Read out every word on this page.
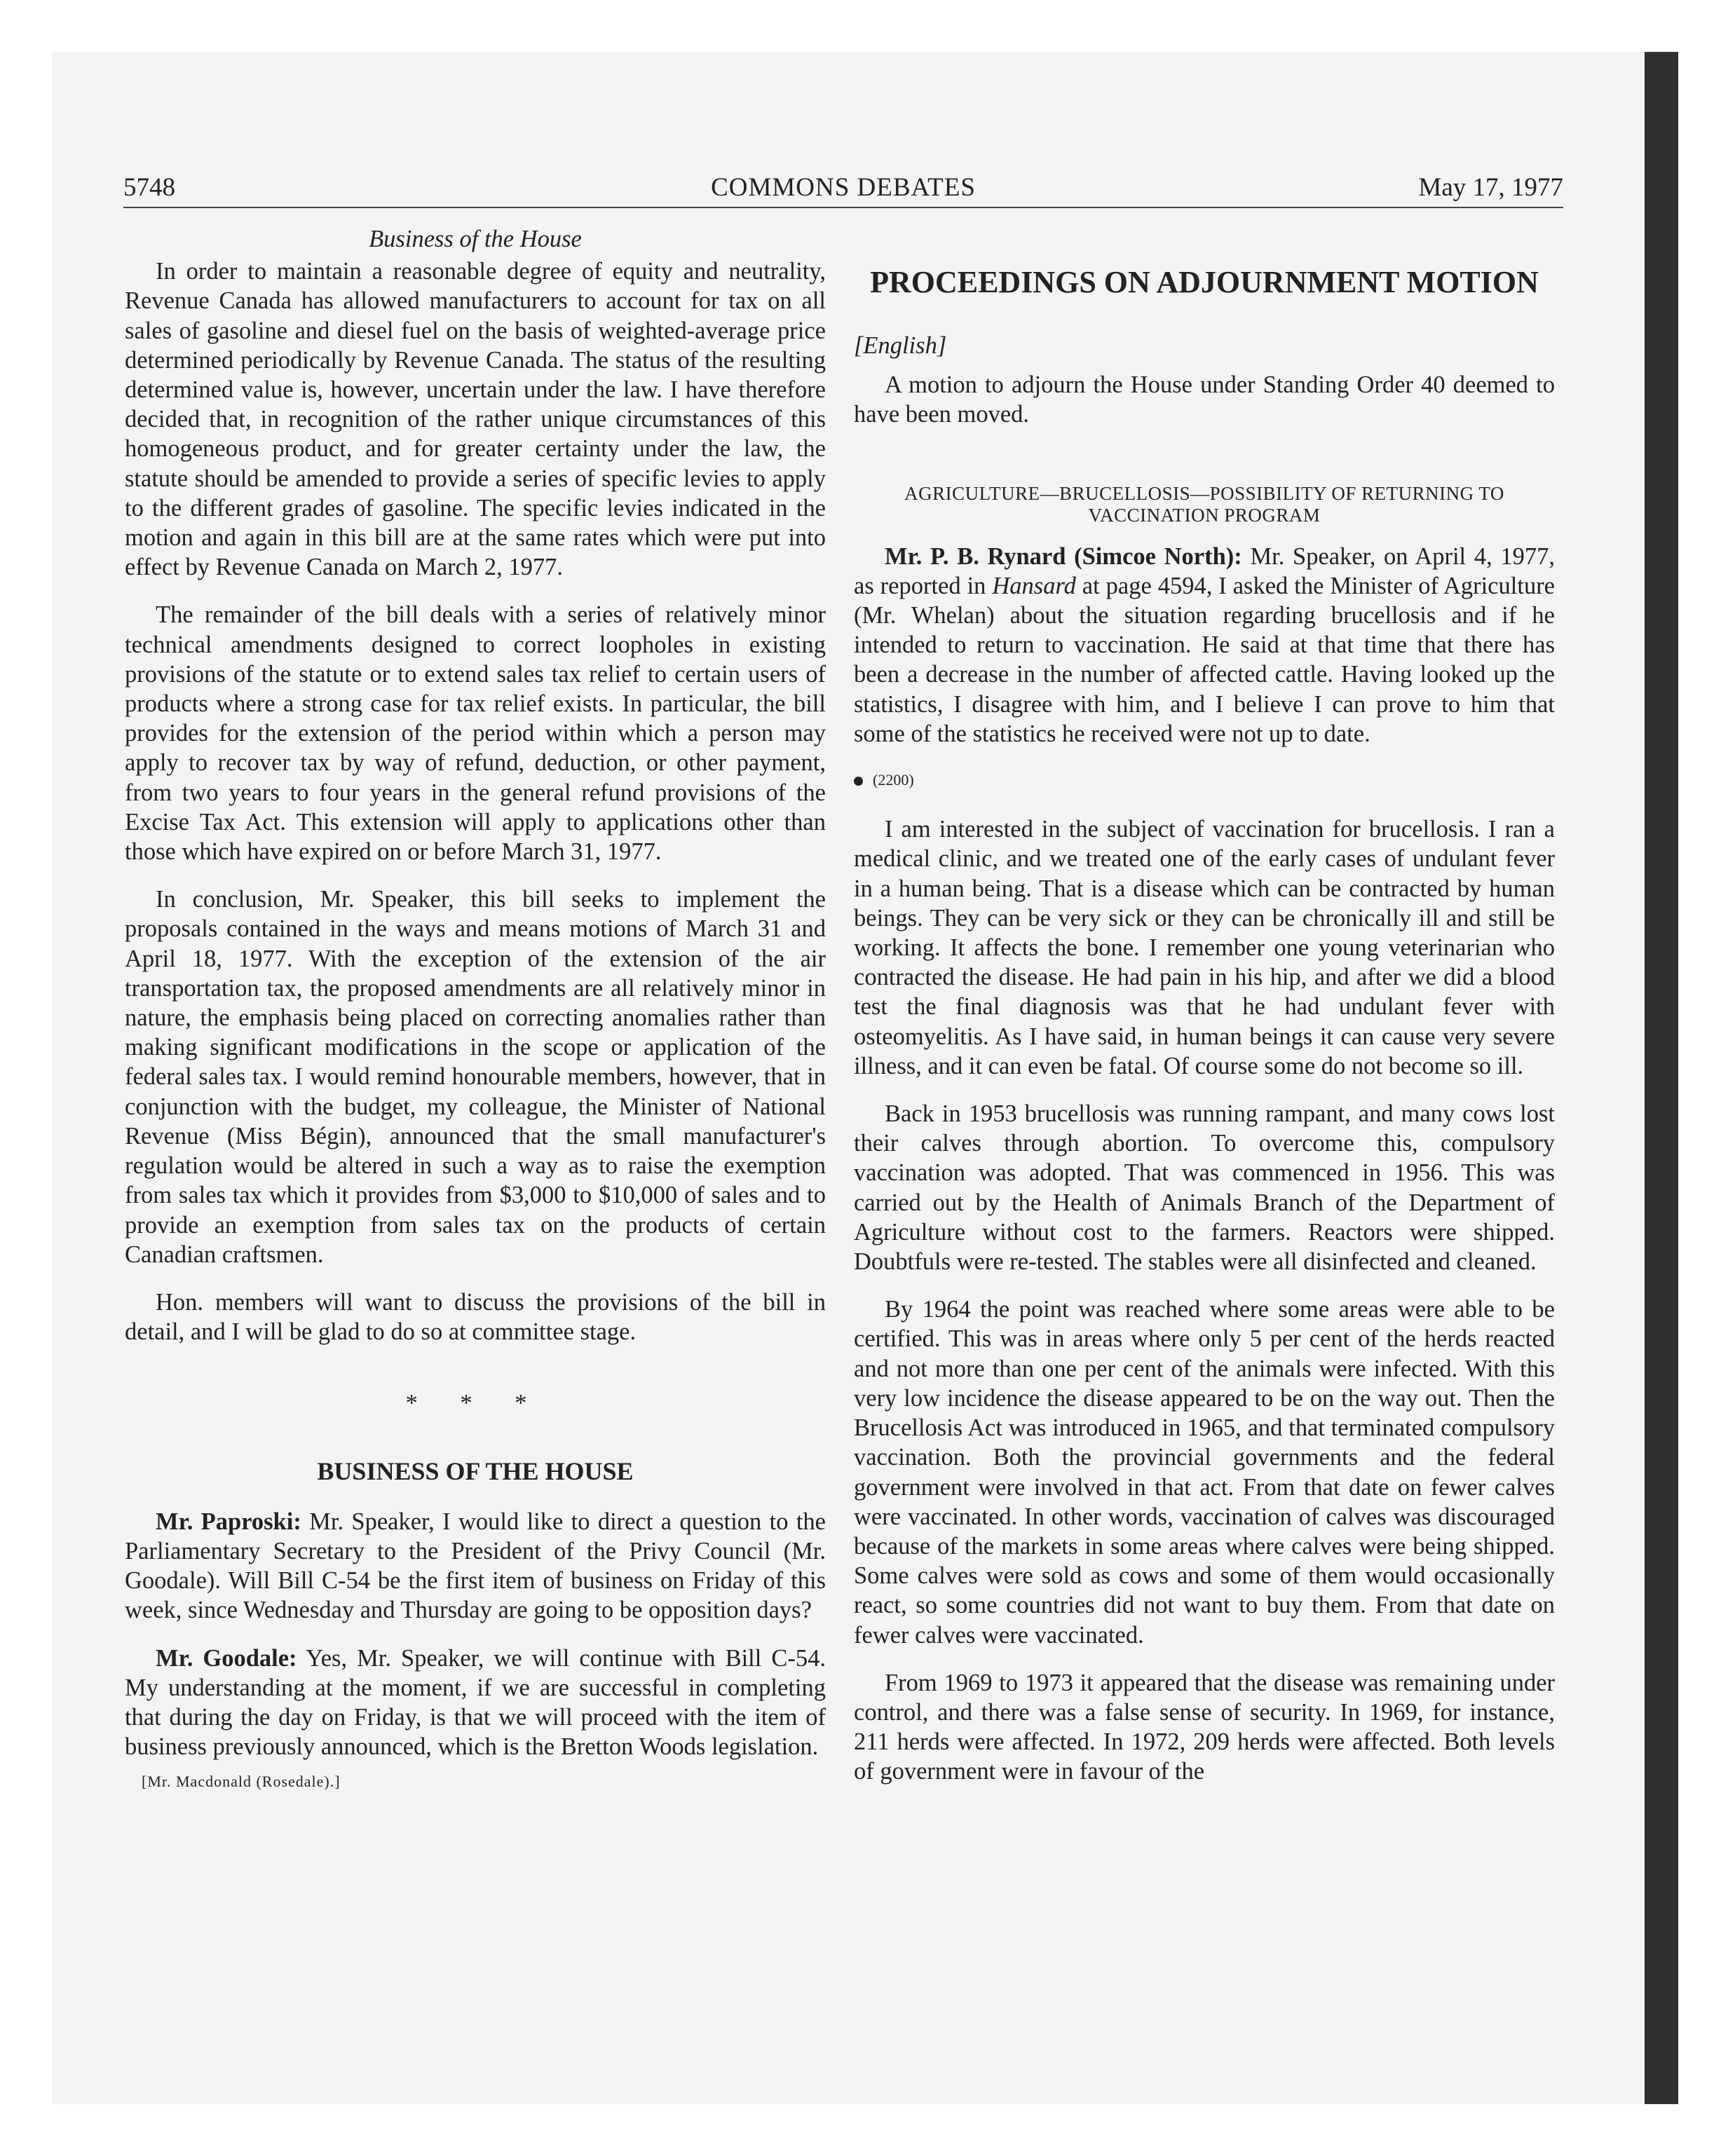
5748	COMMONS DEBATES	May 17, 1977

Business of the House

In order to maintain a reasonable degree of equity and neutrality, Revenue Canada has allowed manufacturers to account for tax on all sales of gasoline and diesel fuel on the basis of weighted-average price determined periodically by Revenue Canada. The status of the resulting determined value is, however, uncertain under the law. I have therefore decided that, in recognition of the rather unique circumstances of this homogeneous product, and for greater certainty under the law, the statute should be amended to provide a series of specific levies to apply to the different grades of gasoline. The specific levies indicated in the motion and again in this bill are at the same rates which were put into effect by Revenue Canada on March 2, 1977.

The remainder of the bill deals with a series of relatively minor technical amendments designed to correct loopholes in existing provisions of the statute or to extend sales tax relief to certain users of products where a strong case for tax relief exists. In particular, the bill provides for the extension of the period within which a person may apply to recover tax by way of refund, deduction, or other payment, from two years to four years in the general refund provisions of the Excise Tax Act. This extension will apply to applications other than those which have expired on or before March 31, 1977.

In conclusion, Mr. Speaker, this bill seeks to implement the proposals contained in the ways and means motions of March 31 and April 18, 1977. With the exception of the extension of the air transportation tax, the proposed amendments are all relatively minor in nature, the emphasis being placed on correcting anomalies rather than making significant modifications in the scope or application of the federal sales tax. I would remind honourable members, however, that in conjunction with the budget, my colleague, the Minister of National Revenue (Miss Bégin), announced that the small manufacturer's regulation would be altered in such a way as to raise the exemption from sales tax which it provides from $3,000 to $10,000 of sales and to provide an exemption from sales tax on the products of certain Canadian craftsmen.

Hon. members will want to discuss the provisions of the bill in detail, and I will be glad to do so at committee stage.

* * *
BUSINESS OF THE HOUSE

Mr. Paproski: Mr. Speaker, I would like to direct a question to the Parliamentary Secretary to the President of the Privy Council (Mr. Goodale). Will Bill C-54 be the first item of business on Friday of this week, since Wednesday and Thursday are going to be opposition days?

Mr. Goodale: Yes, Mr. Speaker, we will continue with Bill C-54. My understanding at the moment, if we are successful in completing that during the day on Friday, is that we will proceed with the item of business previously announced, which is the Bretton Woods legislation.

[Mr. Macdonald (Rosedale).]
PROCEEDINGS ON ADJOURNMENT MOTION

[English]

A motion to adjourn the House under Standing Order 40 deemed to have been moved.

AGRICULTURE—BRUCELLOSIS—POSSIBILITY OF RETURNING TO VACCINATION PROGRAM

Mr. P. B. Rynard (Simcoe North): Mr. Speaker, on April 4, 1977, as reported in Hansard at page 4594, I asked the Minister of Agriculture (Mr. Whelan) about the situation regarding brucellosis and if he intended to return to vaccination. He said at that time that there has been a decrease in the number of affected cattle. Having looked up the statistics, I disagree with him, and I believe I can prove to him that some of the statistics he received were not up to date.

(2200)

I am interested in the subject of vaccination for brucellosis. I ran a medical clinic, and we treated one of the early cases of undulant fever in a human being. That is a disease which can be contracted by human beings. They can be very sick or they can be chronically ill and still be working. It affects the bone. I remember one young veterinarian who contracted the disease. He had pain in his hip, and after we did a blood test the final diagnosis was that he had undulant fever with osteomyelitis. As I have said, in human beings it can cause very severe illness, and it can even be fatal. Of course some do not become so ill.

Back in 1953 brucellosis was running rampant, and many cows lost their calves through abortion. To overcome this, compulsory vaccination was adopted. That was commenced in 1956. This was carried out by the Health of Animals Branch of the Department of Agriculture without cost to the farmers. Reactors were shipped. Doubtfuls were re-tested. The stables were all disinfected and cleaned.

By 1964 the point was reached where some areas were able to be certified. This was in areas where only 5 per cent of the herds reacted and not more than one per cent of the animals were infected. With this very low incidence the disease appeared to be on the way out. Then the Brucellosis Act was introduced in 1965, and that terminated compulsory vaccination. Both the provincial governments and the federal government were involved in that act. From that date on fewer calves were vaccinated. In other words, vaccination of calves was discouraged because of the markets in some areas where calves were being shipped. Some calves were sold as cows and some of them would occasionally react, so some countries did not want to buy them. From that date on fewer calves were vaccinated.

From 1969 to 1973 it appeared that the disease was remaining under control, and there was a false sense of security. In 1969, for instance, 211 herds were affected. In 1972, 209 herds were affected. Both levels of government were in favour of the
